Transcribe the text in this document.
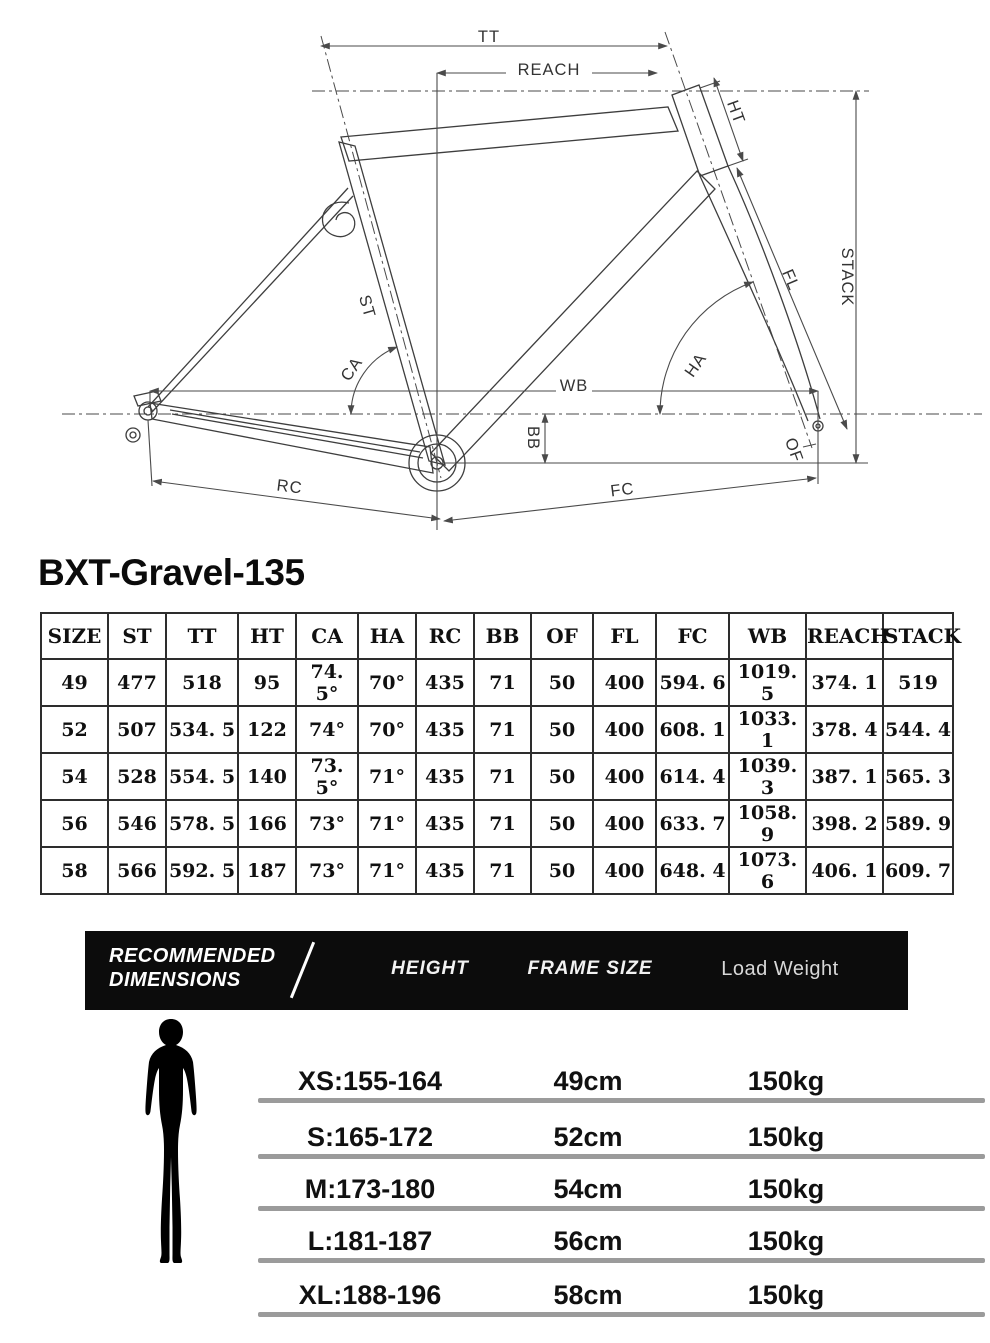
TT
REACH
HT
ST
CA	HA
WB
BB	OF
FL
RC	FC
STACK
BXT-Gravel-135
SIZE	ST	TT	HT	CA	HA	RC	BB	OF	FL	FC	WB	REACH	STACK
49	477	518	95	74. 5°	70°	435	71	50	400	594. 6	1019. 5	374. 1	519
52	507	534. 5	122	74°	70°	435	71	50	400	608. 1	1033. 1	378. 4	544. 4
54	528	554. 5	140	73. 5°	71°	435	71	50	400	614. 4	1039. 3	387. 1	565. 3
56	546	578. 5	166	73°	71°	435	71	50	400	633. 7	1058. 9	398. 2	589. 9
58	566	592. 5	187	73°	71°	435	71	50	400	648. 4	1073. 6	406. 1	609. 7
RECOMMENDED
DIMENSIONS
HEIGHT	FRAME SIZE	Load Weight
XS:155-164	49cm	150kg
S:165-172	52cm	150kg
M:173-180	54cm	150kg
L:181-187	56cm	150kg
XL:188-196	58cm	150kg
